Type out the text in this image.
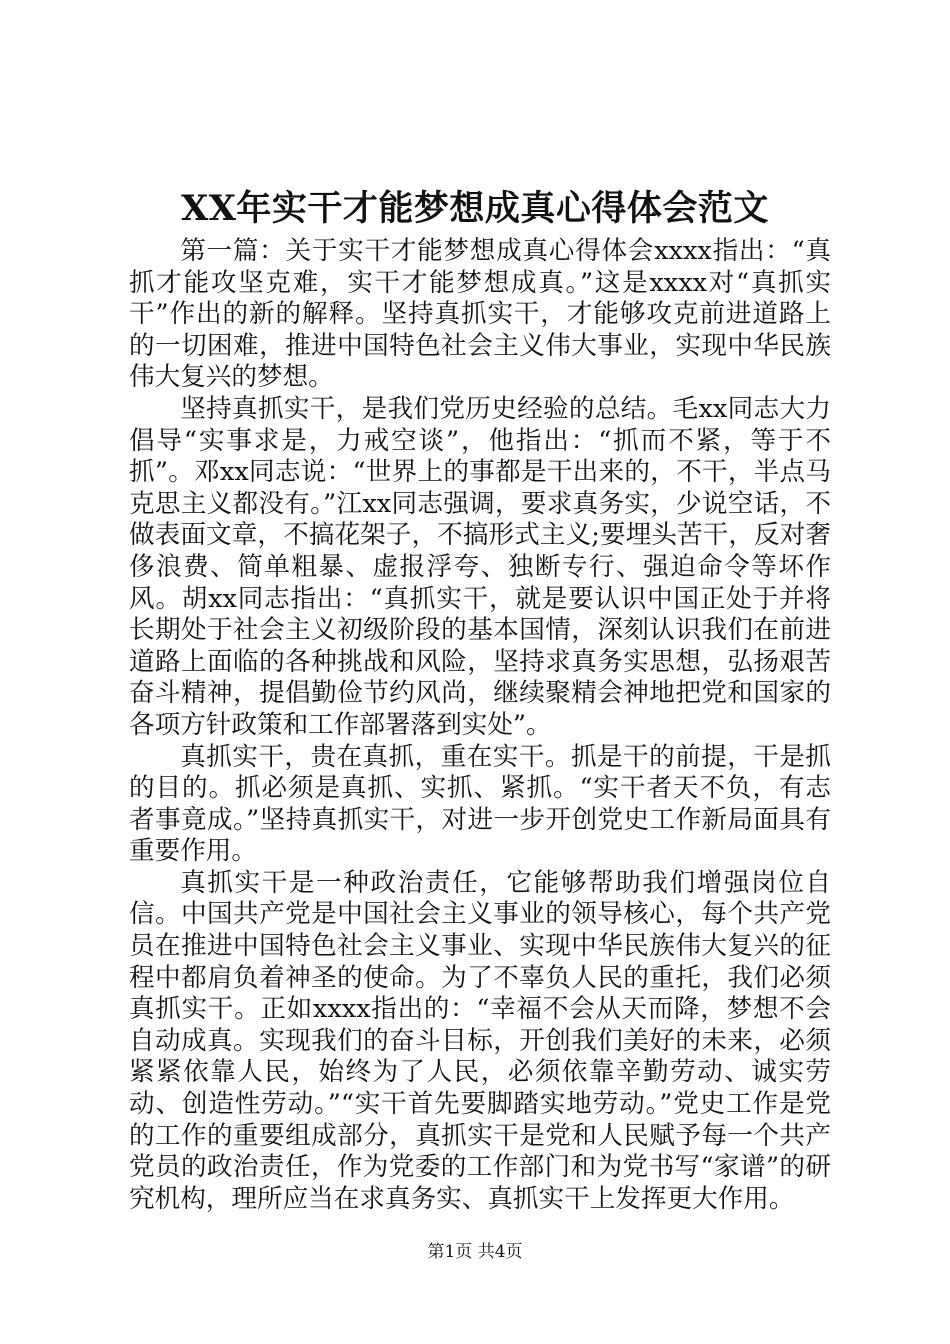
XX年实干才能梦想成真心得体会范文

第一篇：关于实干才能梦想成真心得体会xxxx指出：“真抓才能攻坚克难，实干才能梦想成真。”这是xxxx对“真抓实干”作出的新的解释。坚持真抓实干，才能够攻克前进道路上的一切困难，推进中国特色社会主义伟大事业，实现中华民族伟大复兴的梦想。

坚持真抓实干，是我们党历史经验的总结。毛xx同志大力倡导“实事求是，力戒空谈”，他指出：“抓而不紧，等于不抓”。邓xx同志说：“世界上的事都是干出来的，不干，半点马克思主义都没有。”江xx同志强调，要求真务实，少说空话，不做表面文章，不搞花架子，不搞形式主义;要埋头苦干，反对奢侈浪费、简单粗暴、虚报浮夸、独断专行、强迫命令等坏作风。胡xx同志指出：“真抓实干，就是要认识中国正处于并将长期处于社会主义初级阶段的基本国情，深刻认识我们在前进道路上面临的各种挑战和风险，坚持求真务实思想，弘扬艰苦奋斗精神，提倡勤俭节约风尚，继续聚精会神地把党和国家的各项方针政策和工作部署落到实处”。

真抓实干，贵在真抓，重在实干。抓是干的前提，干是抓的目的。抓必须是真抓、实抓、紧抓。“实干者天不负，有志者事竟成。”坚持真抓实干，对进一步开创党史工作新局面具有重要作用。

真抓实干是一种政治责任，它能够帮助我们增强岗位自信。中国共产党是中国社会主义事业的领导核心，每个共产党员在推进中国特色社会主义事业、实现中华民族伟大复兴的征程中都肩负着神圣的使命。为了不辜负人民的重托，我们必须真抓实干。正如xxxx指出的：“幸福不会从天而降，梦想不会自动成真。实现我们的奋斗目标，开创我们美好的未来，必须紧紧依靠人民，始终为了人民，必须依靠辛勤劳动、诚实劳动、创造性劳动。”“实干首先要脚踏实地劳动。”党史工作是党的工作的重要组成部分，真抓实干是党和人民赋予每一个共产党员的政治责任，作为党委的工作部门和为党书写“家谱”的研究机构，理所应当在求真务实、真抓实干上发挥更大作用。

第1页 共4页
